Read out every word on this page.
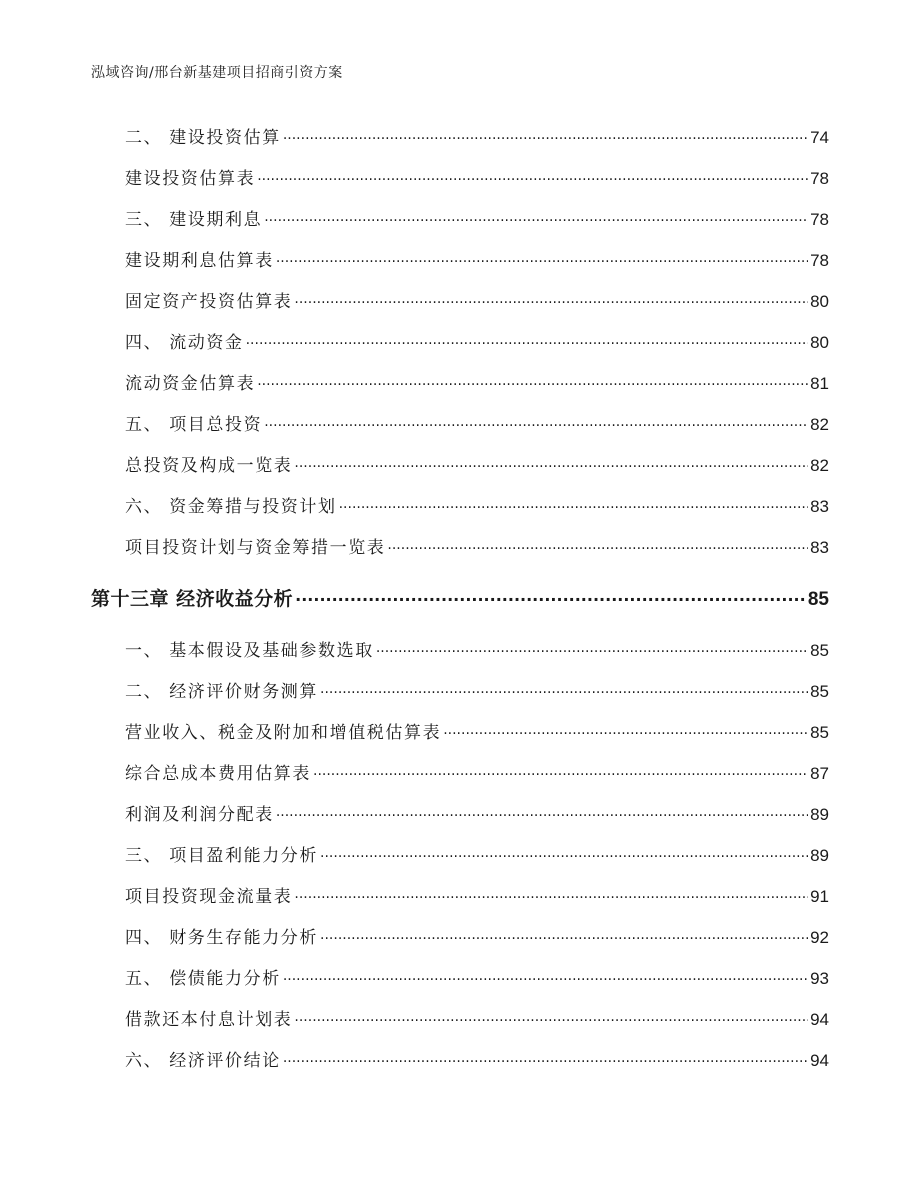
泓域咨询/邢台新基建项目招商引资方案
二、 建设投资估算 .....	74
建设投资估算表 .....	78
三、 建设期利息 .....	78
建设期利息估算表 .....	78
固定资产投资估算表 .....	80
四、 流动资金 .....	80
流动资金估算表 .....	81
五、 项目总投资 .....	82
总投资及构成一览表 .....	82
六、 资金筹措与投资计划 .....	83
项目投资计划与资金筹措一览表 .....	83
第十三章 经济收益分析 .....	85
一、 基本假设及基础参数选取 .....	85
二、 经济评价财务测算 .....	85
营业收入、税金及附加和增值税估算表 .....	85
综合总成本费用估算表 .....	87
利润及利润分配表 .....	89
三、 项目盈利能力分析 .....	89
项目投资现金流量表 .....	91
四、 财务生存能力分析 .....	92
五、 偿债能力分析 .....	93
借款还本付息计划表 .....	94
六、 经济评价结论 .....	94
